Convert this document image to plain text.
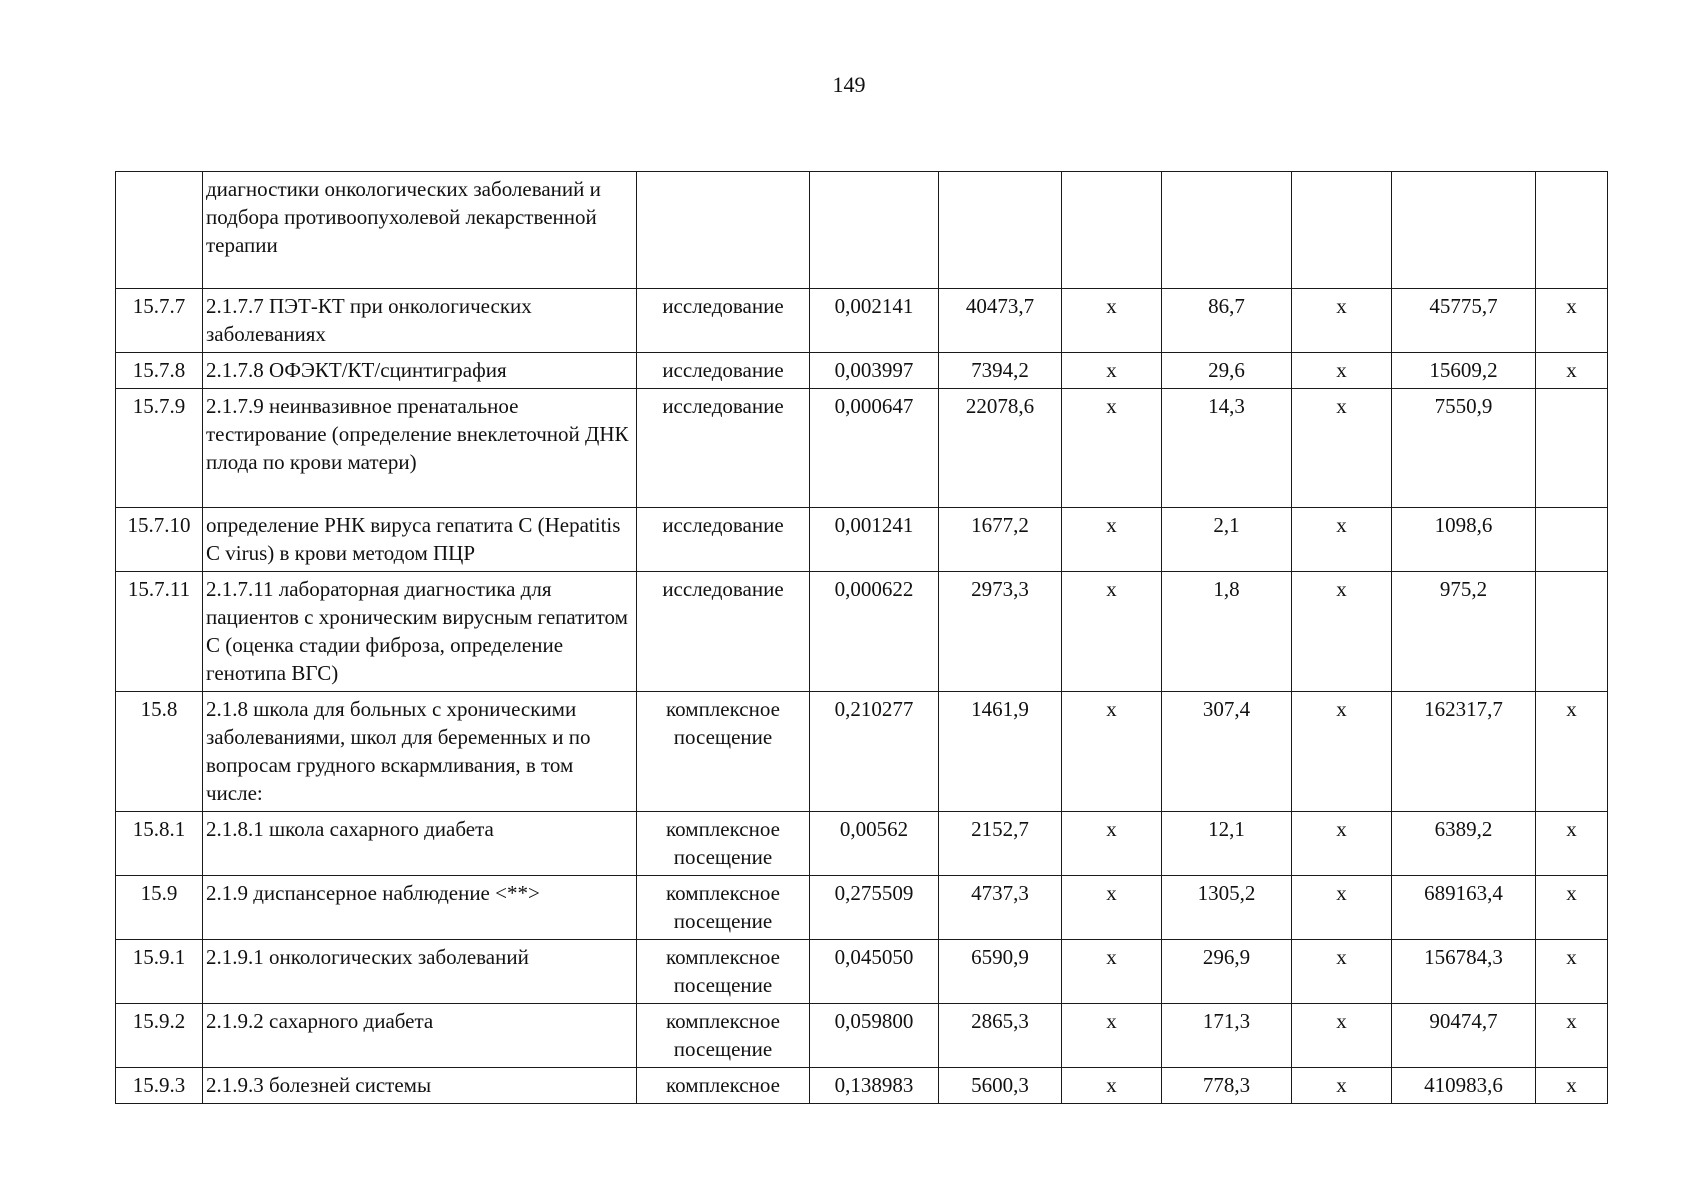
149
	диагностики онкологических заболеваний и подбора противоопухолевой лекарственной терапии								
15.7.7	2.1.7.7 ПЭТ-КТ при онкологических заболеваниях	исследование	0,002141	40473,7	х	86,7	х	45775,7	х
15.7.8	2.1.7.8 ОФЭКТ/КТ/сцинтиграфия	исследование	0,003997	7394,2	х	29,6	х	15609,2	х
15.7.9	2.1.7.9 неинвазивное пренатальное тестирование (определение внеклеточной ДНК плода по крови матери)	исследование	0,000647	22078,6	х	14,3	х	7550,9	
15.7.10	определение РНК вируса гепатита С (Hepatitis C virus) в крови методом ПЦР	исследование	0,001241	1677,2	х	2,1	х	1098,6	
15.7.11	2.1.7.11 лабораторная диагностика для пациентов с хроническим вирусным гепатитом С (оценка стадии фиброза, определение генотипа ВГС)	исследование	0,000622	2973,3	х	1,8	х	975,2	
15.8	2.1.8 школа для больных с хроническими заболеваниями, школ для беременных и по вопросам грудного вскармливания, в том числе:	комплексное посещение	0,210277	1461,9	х	307,4	х	162317,7	х
15.8.1	2.1.8.1 школа сахарного диабета	комплексное посещение	0,00562	2152,7	х	12,1	х	6389,2	х
15.9	2.1.9 диспансерное наблюдение <**>	комплексное посещение	0,275509	4737,3	х	1305,2	х	689163,4	х
15.9.1	2.1.9.1 онкологических заболеваний	комплексное посещение	0,045050	6590,9	х	296,9	х	156784,3	х
15.9.2	2.1.9.2 сахарного диабета	комплексное посещение	0,059800	2865,3	х	171,3	х	90474,7	х
15.9.3	2.1.9.3 болезней системы	комплексное	0,138983	5600,3	х	778,3	х	410983,6	х
